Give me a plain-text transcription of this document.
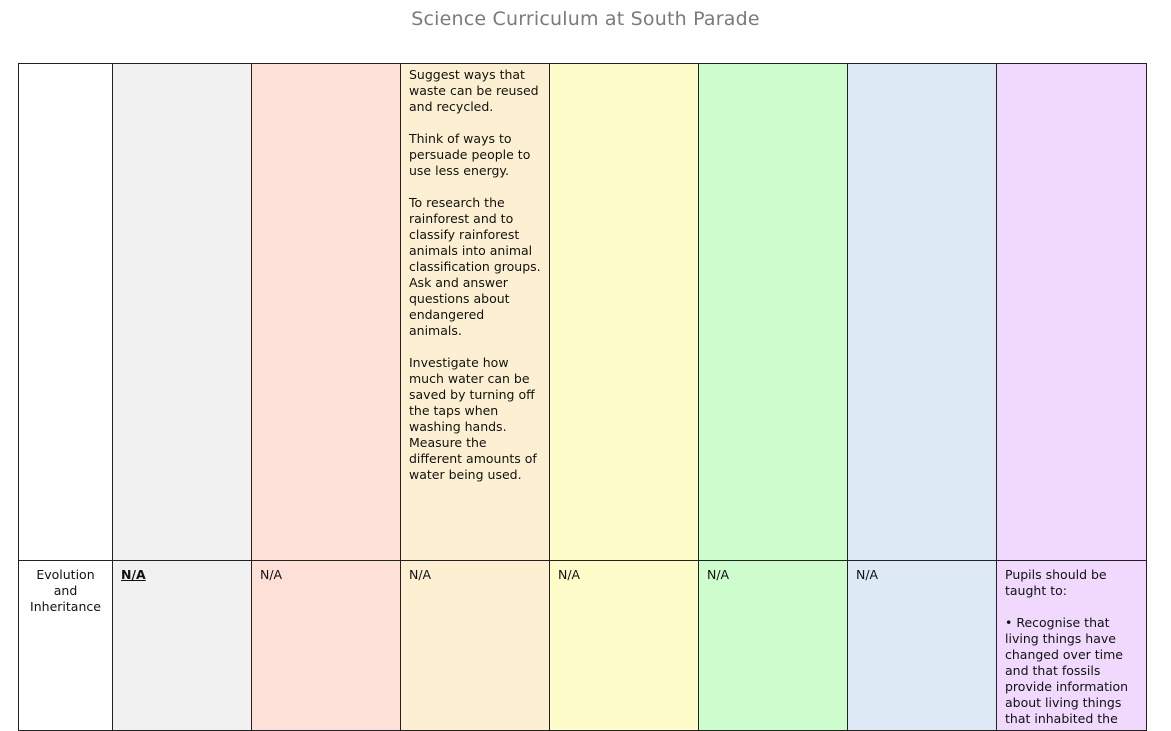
Science Curriculum at South Parade
			Suggest ways that waste can be reused and recycled.

Think of ways to persuade people to use less energy.

To research the rainforest and to classify rainforest animals into animal classification groups. Ask and answer questions about endangered animals.

Investigate how much water can be saved by turning off the taps when washing hands. Measure the different amounts of water being used.				
Evolution and Inheritance	N/A	N/A	N/A	N/A	N/A	N/A	Pupils should be taught to:

• Recognise that living things have changed over time and that fossils provide information about living things that inhabited the
